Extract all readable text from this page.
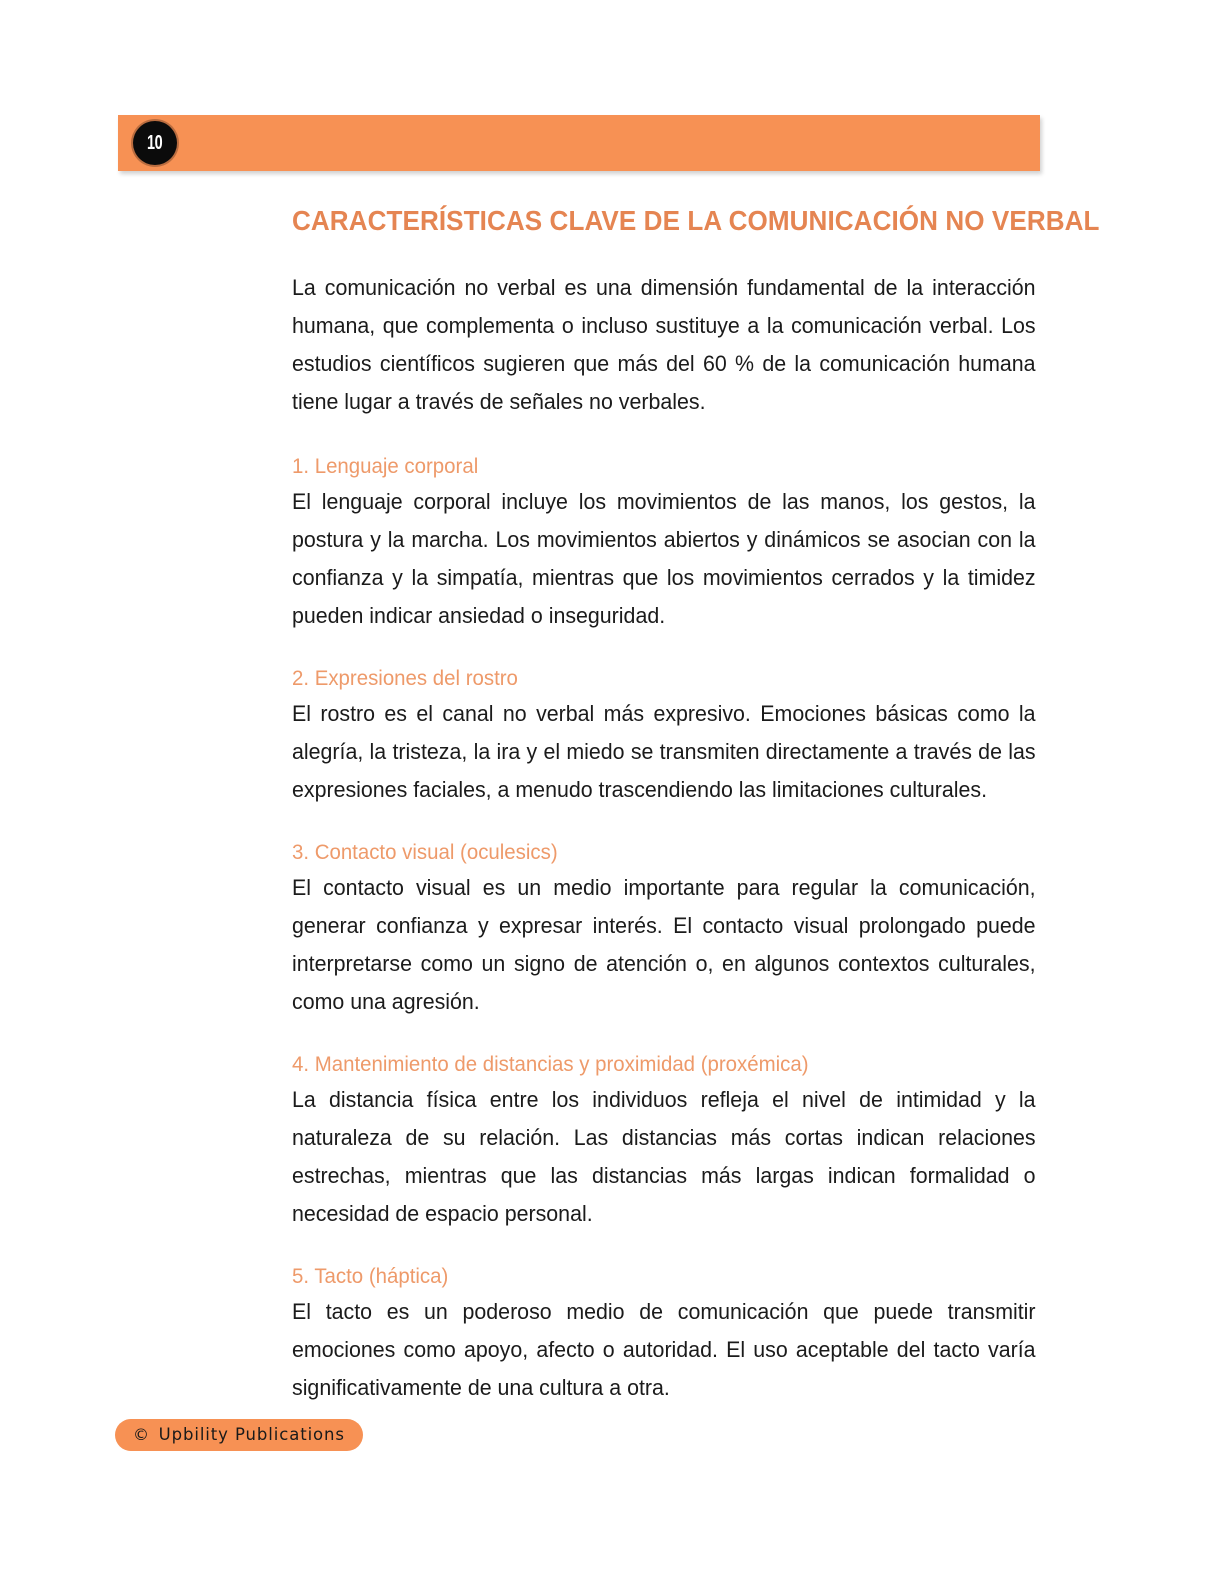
10
CARACTERÍSTICAS CLAVE DE LA COMUNICACIÓN NO VERBAL

La comunicación no verbal es una dimensión fundamental de la interacción humana, que complementa o incluso sustituye a la comunicación verbal. Los estudios científicos sugieren que más del 60 % de la comunicación humana tiene lugar a través de señales no verbales.

1. Lenguaje corporal

El lenguaje corporal incluye los movimientos de las manos, los gestos, la postura y la marcha. Los movimientos abiertos y dinámicos se asocian con la confianza y la simpatía, mientras que los movimientos cerrados y la timidez pueden indicar ansiedad o inseguridad.

2. Expresiones del rostro

El rostro es el canal no verbal más expresivo. Emociones básicas como la alegría, la tristeza, la ira y el miedo se transmiten directamente a través de las expresiones faciales, a menudo trascendiendo las limitaciones culturales.

3. Contacto visual (oculesics)

El contacto visual es un medio importante para regular la comunicación, generar confianza y expresar interés. El contacto visual prolongado puede interpretarse como un signo de atención o, en algunos contextos culturales, como una agresión.

4. Mantenimiento de distancias y proximidad (proxémica)

La distancia física entre los individuos refleja el nivel de intimidad y la naturaleza de su relación. Las distancias más cortas indican relaciones estrechas, mientras que las distancias más largas indican formalidad o necesidad de espacio personal.

5. Tacto (háptica)

El tacto es un poderoso medio de comunicación que puede transmitir emociones como apoyo, afecto o autoridad. El uso aceptable del tacto varía significativamente de una cultura a otra.

© Upbility Publications
